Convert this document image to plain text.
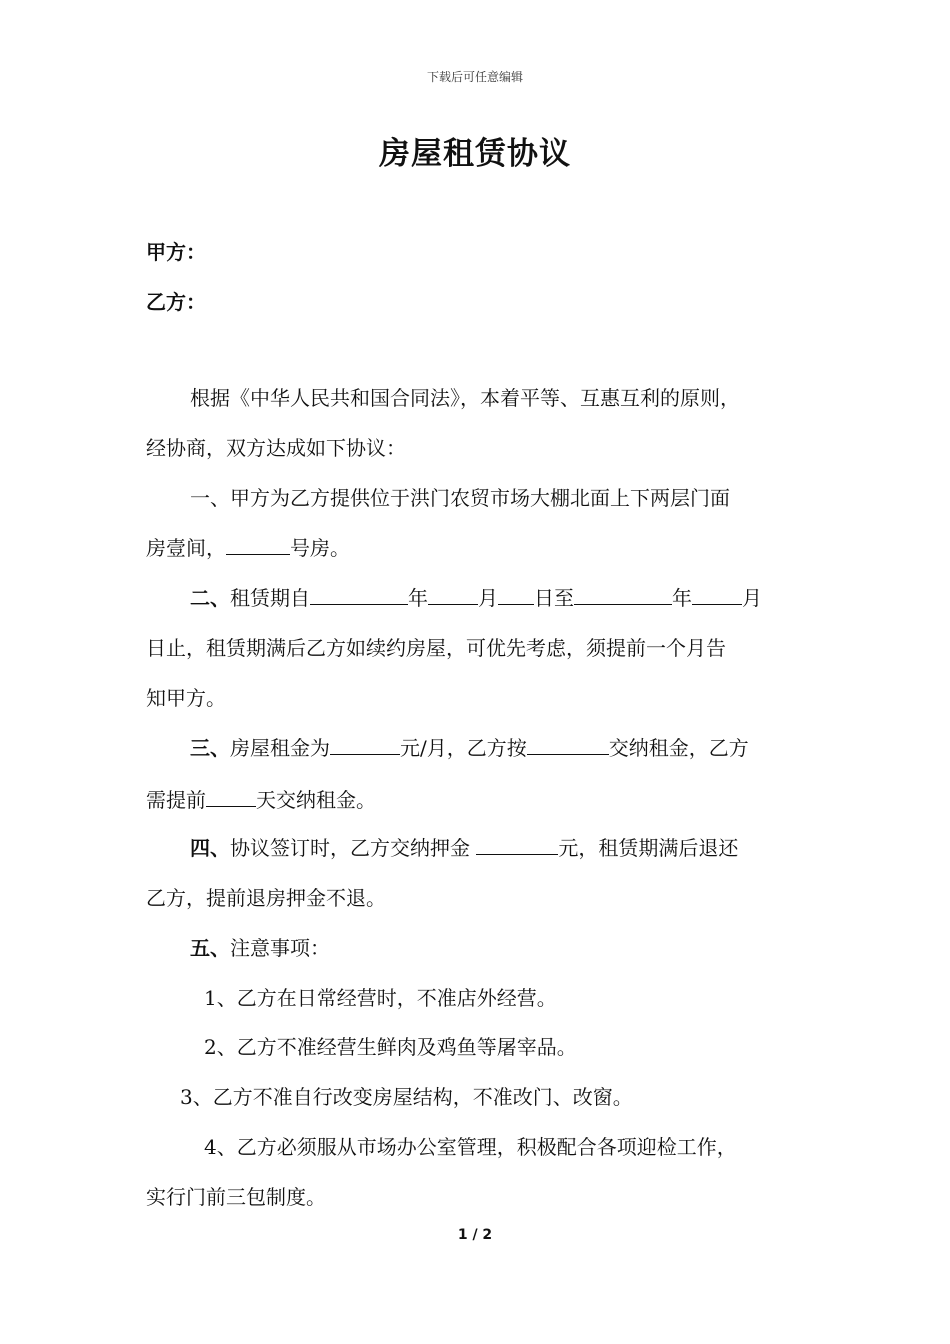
下载后可任意编辑
房屋租赁协议
甲方：
乙方：
根据《中华人民共和国合同法》，本着平等、互惠互利的原则，
经协商，双方达成如下协议：
一、甲方为乙方提供位于洪门农贸市场大棚北面上下两层门面
房壹间，	号房。
二、租赁期自	年	月 日至	年	月
日止，租赁期满后乙方如续约房屋，可优先考虑，须提前一个月告
知甲方。
三、房屋租金为	元/月，乙方按	交纳租金，乙方
需提前	天交纳租金。
四、协议签订时，乙方交纳押金	元，租赁期满后退还
乙方，提前退房押金不退。
五、注意事项：
1、乙方在日常经营时，不准店外经营。
2、乙方不准经营生鲜肉及鸡鱼等屠宰品。
3、乙方不准自行改变房屋结构，不准改门、改窗。
4、乙方必须服从市场办公室管理，积极配合各项迎检工作，
实行门前三包制度。
1 / 2
